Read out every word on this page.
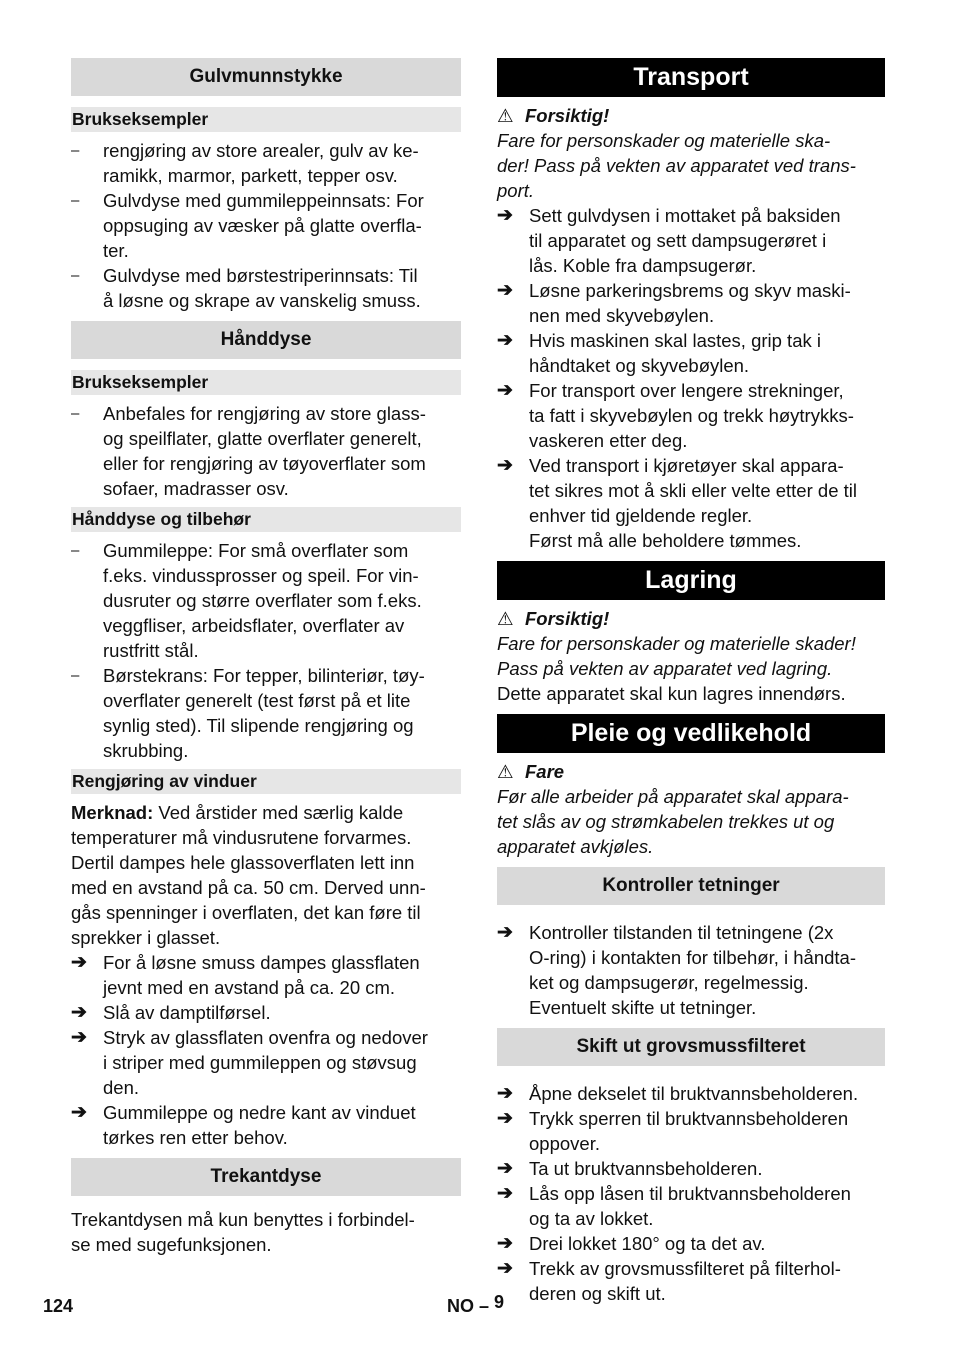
Gulvmunnstykke
Brukseksempler
–	rengjøring av store arealer, gulv av ke-
ramikk, marmor, parkett, tepper osv.
–	Gulvdyse med gummileppeinnsats: For
oppsuging av væsker på glatte overfla-
ter.
–	Gulvdyse med børstestriperinnsats: Til
å løsne og skrape av vanskelig smuss.
Hånddyse
Brukseksempler
–	Anbefales for rengjøring av store glass-
og speilflater, glatte overflater generelt,
eller for rengjøring av tøyoverflater som
sofaer, madrasser osv.
Hånddyse og tilbehør
–	Gummileppe: For små overflater som
f.eks. vindussprosser og speil. For vin-
dusruter og større overflater som f.eks.
veggfliser, arbeidsflater, overflater av
rustfritt stål.
–	Børstekrans: For tepper, bilinteriør, tøy-
overflater generelt (test først på et lite
synlig sted). Til slipende rengjøring og
skrubbing.
Rengjøring av vinduer
Merknad: Ved årstider med særlig kalde
temperaturer må vindusrutene forvarmes.
Dertil dampes hele glassoverflaten lett inn
med en avstand på ca. 50 cm. Derved unn-
gås spenninger i overflaten, det kan føre til
sprekker i glasset.
➔ For å løsne smuss dampes glassflaten
jevnt med en avstand på ca. 20 cm.
➔ Slå av damptilførsel.
➔ Stryk av glassflaten ovenfra og nedover
i striper med gummileppen og støvsug
den.
➔ Gummileppe og nedre kant av vinduet
tørkes ren etter behov.
Trekantdyse
Trekantdysen må kun benyttes i forbindel-
se med sugefunksjonen.
Transport
⚠ Forsiktig!
Fare for personskader og materielle ska-
der! Pass på vekten av apparatet ved trans-
port.
➔ Sett gulvdysen i mottaket på baksiden
til apparatet og sett dampsugerøret i
lås. Koble fra dampsugerør.
➔ Løsne parkeringsbrems og skyv maski-
nen med skyvebøylen.
➔ Hvis maskinen skal lastes, grip tak i
håndtaket og skyvebøylen.
➔ For transport over lengere strekninger,
ta fatt i skyvebøylen og trekk høytrykks-
vaskeren etter deg.
➔ Ved transport i kjøretøyer skal appara-
tet sikres mot å skli eller velte etter de til
enhver tid gjeldende regler.
Først må alle beholdere tømmes.
Lagring
⚠ Forsiktig!
Fare for personskader og materielle skader!
Pass på vekten av apparatet ved lagring.
Dette apparatet skal kun lagres innendørs.
Pleie og vedlikehold
⚠ Fare
Før alle arbeider på apparatet skal appara-
tet slås av og strømkabelen trekkes ut og
apparatet avkjøles.
Kontroller tetninger
➔ Kontroller tilstanden til tetningene (2x
O-ring) i kontakten for tilbehør, i håndta-
ket og dampsugerør, regelmessig.
Eventuelt skifte ut tetninger.
Skift ut grovsmussfilteret
➔ Åpne dekselet til bruktvannsbeholderen.
➔ Trykk sperren til bruktvannsbeholderen
oppover.
➔ Ta ut bruktvannsbeholderen.
➔ Lås opp låsen til bruktvannsbeholderen
og ta av lokket.
➔ Drei lokket 180° og ta det av.
➔ Trekk av grovsmussfilteret på filterhol-
deren og skift ut.
124	NO – 9
